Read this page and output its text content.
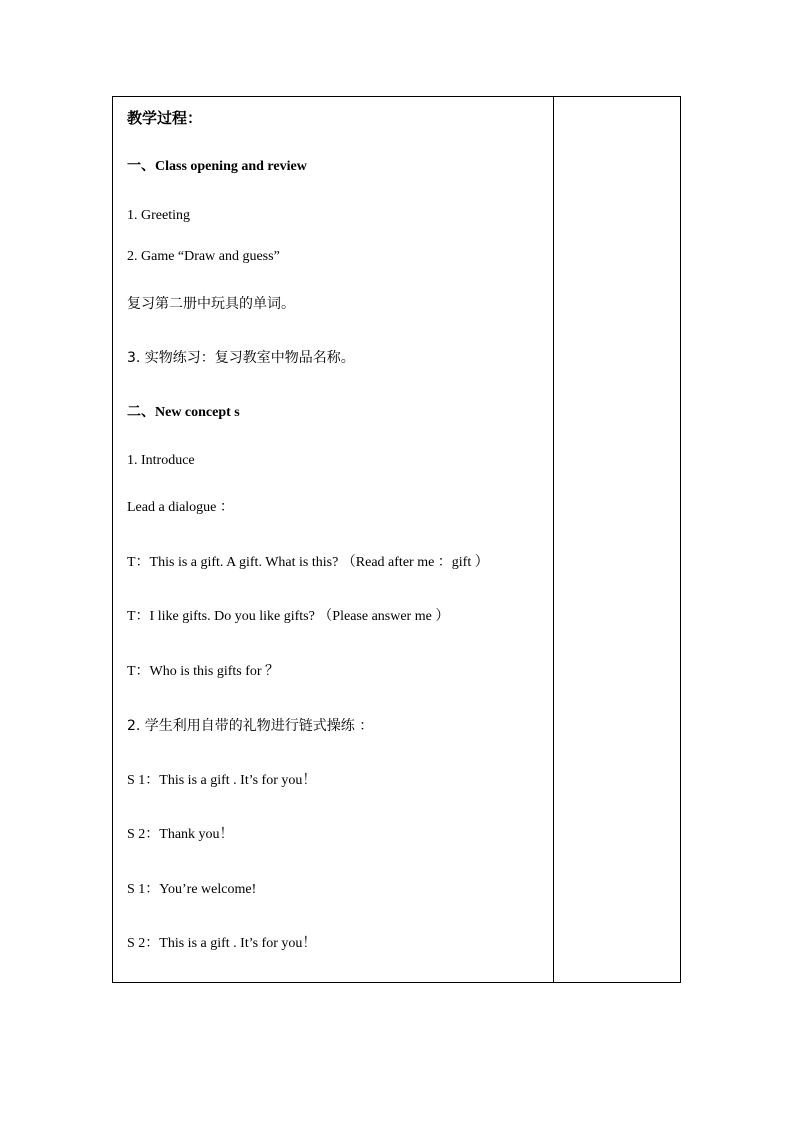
教学过程：
一、Class opening and review
1. Greeting
2. Game “Draw and guess”
复习第二册中玩具的单词。
3. 实物练习：复习教室中物品名称。
二、New concept s
1. Introduce
Lead a dialogue ：
T：This is a gift. A gift. What is this? （Read after me ：gift ）
T：I like gifts. Do you like gifts? （Please answer me ）
T：Who is this gifts for ？
2. 学生利用自带的礼物进行链式操练 ：
S 1：This is a gift . It’s for you！
S 2：Thank you！
S 1：You’re welcome!
S 2：This is a gift . It’s for you！
